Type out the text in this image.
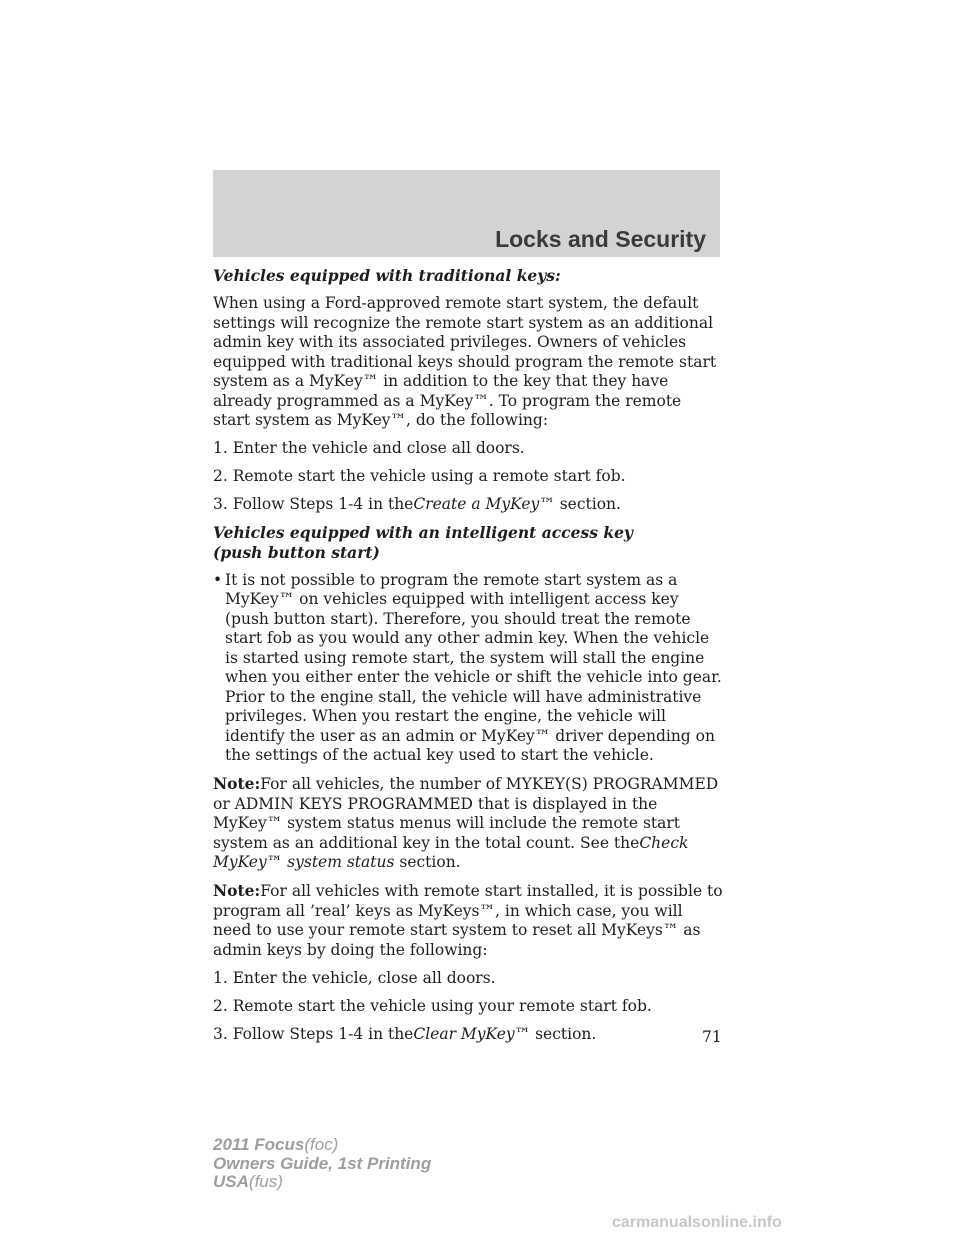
Locks and Security

Vehicles equipped with traditional keys:

When using a Ford-approved remote start system, the default settings will recognize the remote start system as an additional admin key with its associated privileges. Owners of vehicles equipped with traditional keys should program the remote start system as a MyKey™ in addition to the key that they have already programmed as a MyKey™. To program the remote start system as MyKey™, do the following:

1. Enter the vehicle and close all doors.

2. Remote start the vehicle using a remote start fob.

3. Follow Steps 1-4 in theCreate a MyKey™ section.

Vehicles equipped with an intelligent access key
(push button start)

• It is not possible to program the remote start system as a MyKey™ on vehicles equipped with intelligent access key (push button start). Therefore, you should treat the remote start fob as you would any other admin key. When the vehicle is started using remote start, the system will stall the engine when you either enter the vehicle or shift the vehicle into gear. Prior to the engine stall, the vehicle will have administrative privileges. When you restart the engine, the vehicle will identify the user as an admin or MyKey™ driver depending on the settings of the actual key used to start the vehicle.

Note:For all vehicles, the number of MYKEY(S) PROGRAMMED or ADMIN KEYS PROGRAMMED that is displayed in the MyKey™ system status menus will include the remote start system as an additional key in the total count. See theCheck MyKey™ system status section.

Note:For all vehicles with remote start installed, it is possible to program all ’real’ keys as MyKeys™, in which case, you will need to use your remote start system to reset all MyKeys™ as admin keys by doing the following:

1. Enter the vehicle, close all doors.

2. Remote start the vehicle using your remote start fob.

3. Follow Steps 1-4 in theClear MyKey™ section.	71

2011 Focus(foc)
Owners Guide, 1st Printing
USA(fus)

carmanualsonline.info
